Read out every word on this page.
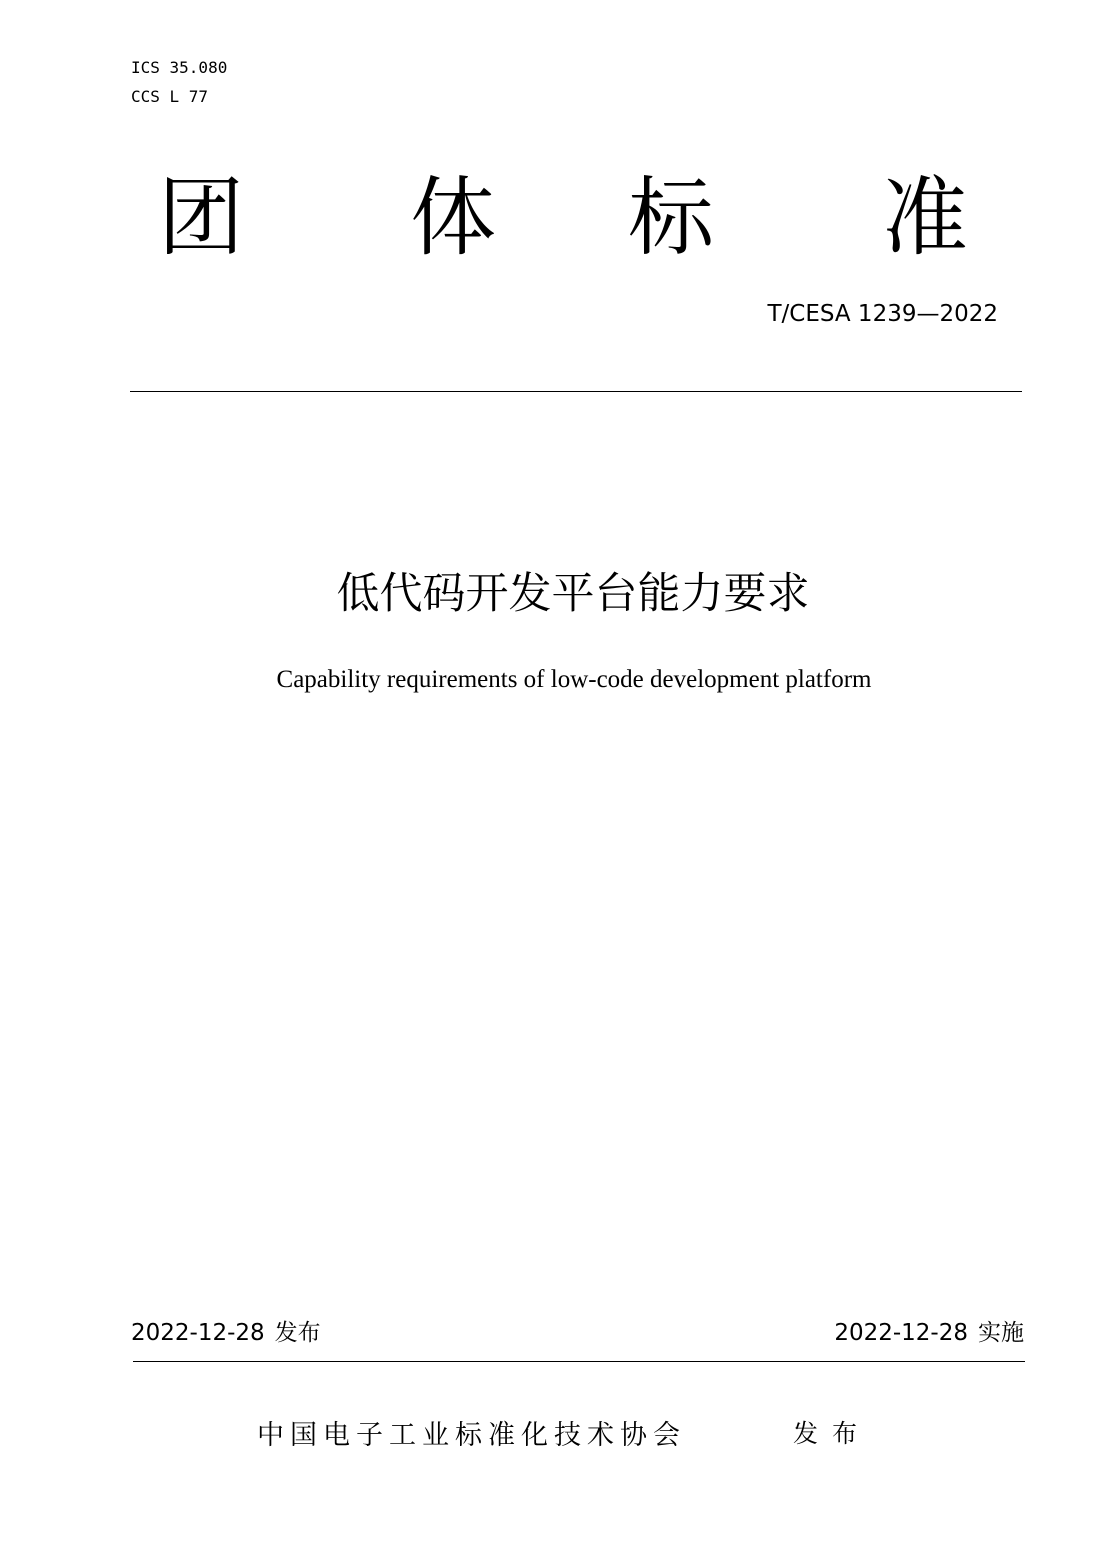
ICS 35.080
CCS L 77
团 体 标 准
T/CESA 1239—2022
低代码开发平台能力要求
Capability requirements of low-code development platform
2022-12-28 发布	2022-12-28 实施
中国电子工业标准化技术协会	发布
